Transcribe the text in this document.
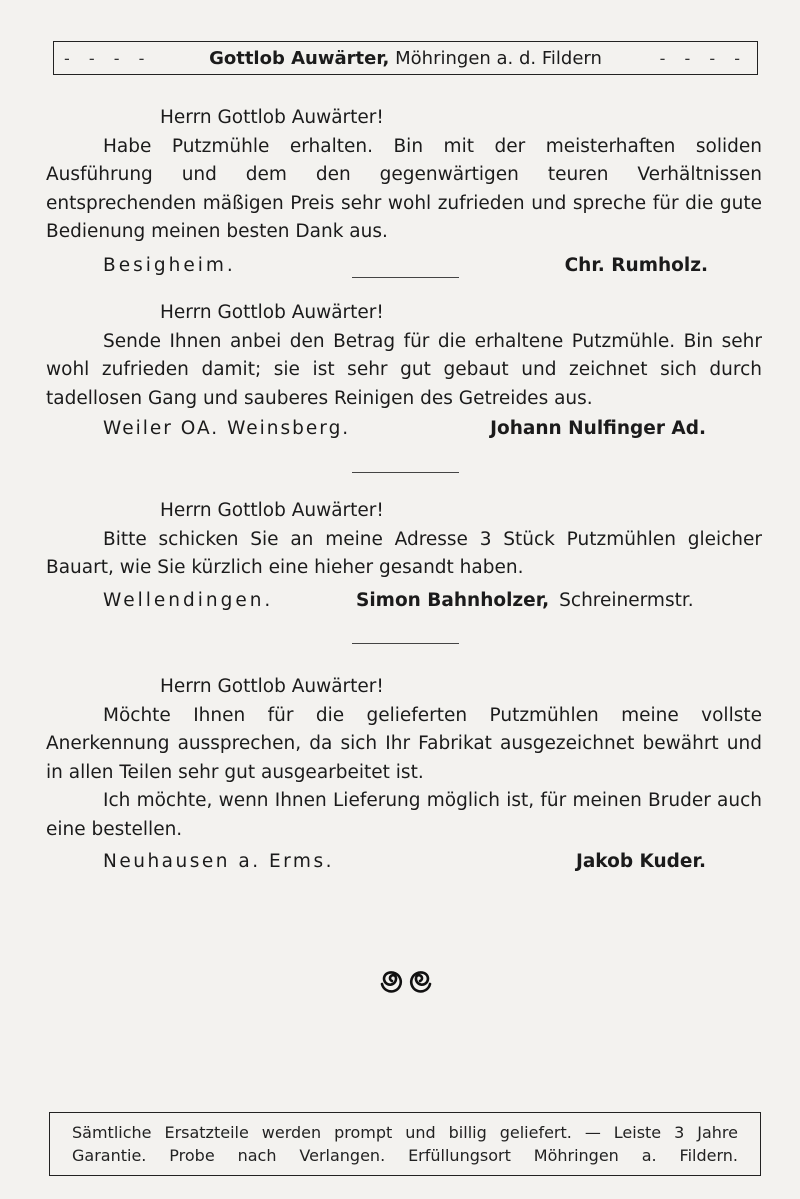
- - - -	Gottlob Auwärter, Möhringen a. d. Fildern	- - - -
Herrn Gottlob Auwärter!
Habe Putzmühle erhalten. Bin mit der meisterhaften soliden Ausführung und dem den gegenwärtigen teuren Verhältnissen entsprechenden mäßigen Preis sehr wohl zufrieden und spreche für die gute Bedienung meinen besten Dank aus.
Besigheim.	Chr. Rumholz.
Herrn Gottlob Auwärter!
Sende Ihnen anbei den Betrag für die erhaltene Putzmühle. Bin sehr wohl zufrieden damit; sie ist sehr gut gebaut und zeichnet sich durch tadellosen Gang und sauberes Reinigen des Getreides aus.
Weiler OA. Weinsberg.	Johann Nulfinger Ad.
Herrn Gottlob Auwärter!
Bitte schicken Sie an meine Adresse 3 Stück Putzmühlen gleicher Bauart, wie Sie kürzlich eine hieher gesandt haben.
Wellendingen.	Simon Bahnholzer, Schreinermstr.
Herrn Gottlob Auwärter!
Möchte Ihnen für die gelieferten Putzmühlen meine vollste Anerkennung aussprechen, da sich Ihr Fabrikat ausgezeichnet bewährt und in allen Teilen sehr gut ausgearbeitet ist.
Ich möchte, wenn Ihnen Lieferung möglich ist, für meinen Bruder auch eine bestellen.
Neuhausen a. Erms.	Jakob Kuder.
Sämtliche Ersatzteile werden prompt und billig geliefert. — Leiste 3 Jahre
Garantie. Probe nach Verlangen. Erfüllungsort Möhringen a. Fildern.
